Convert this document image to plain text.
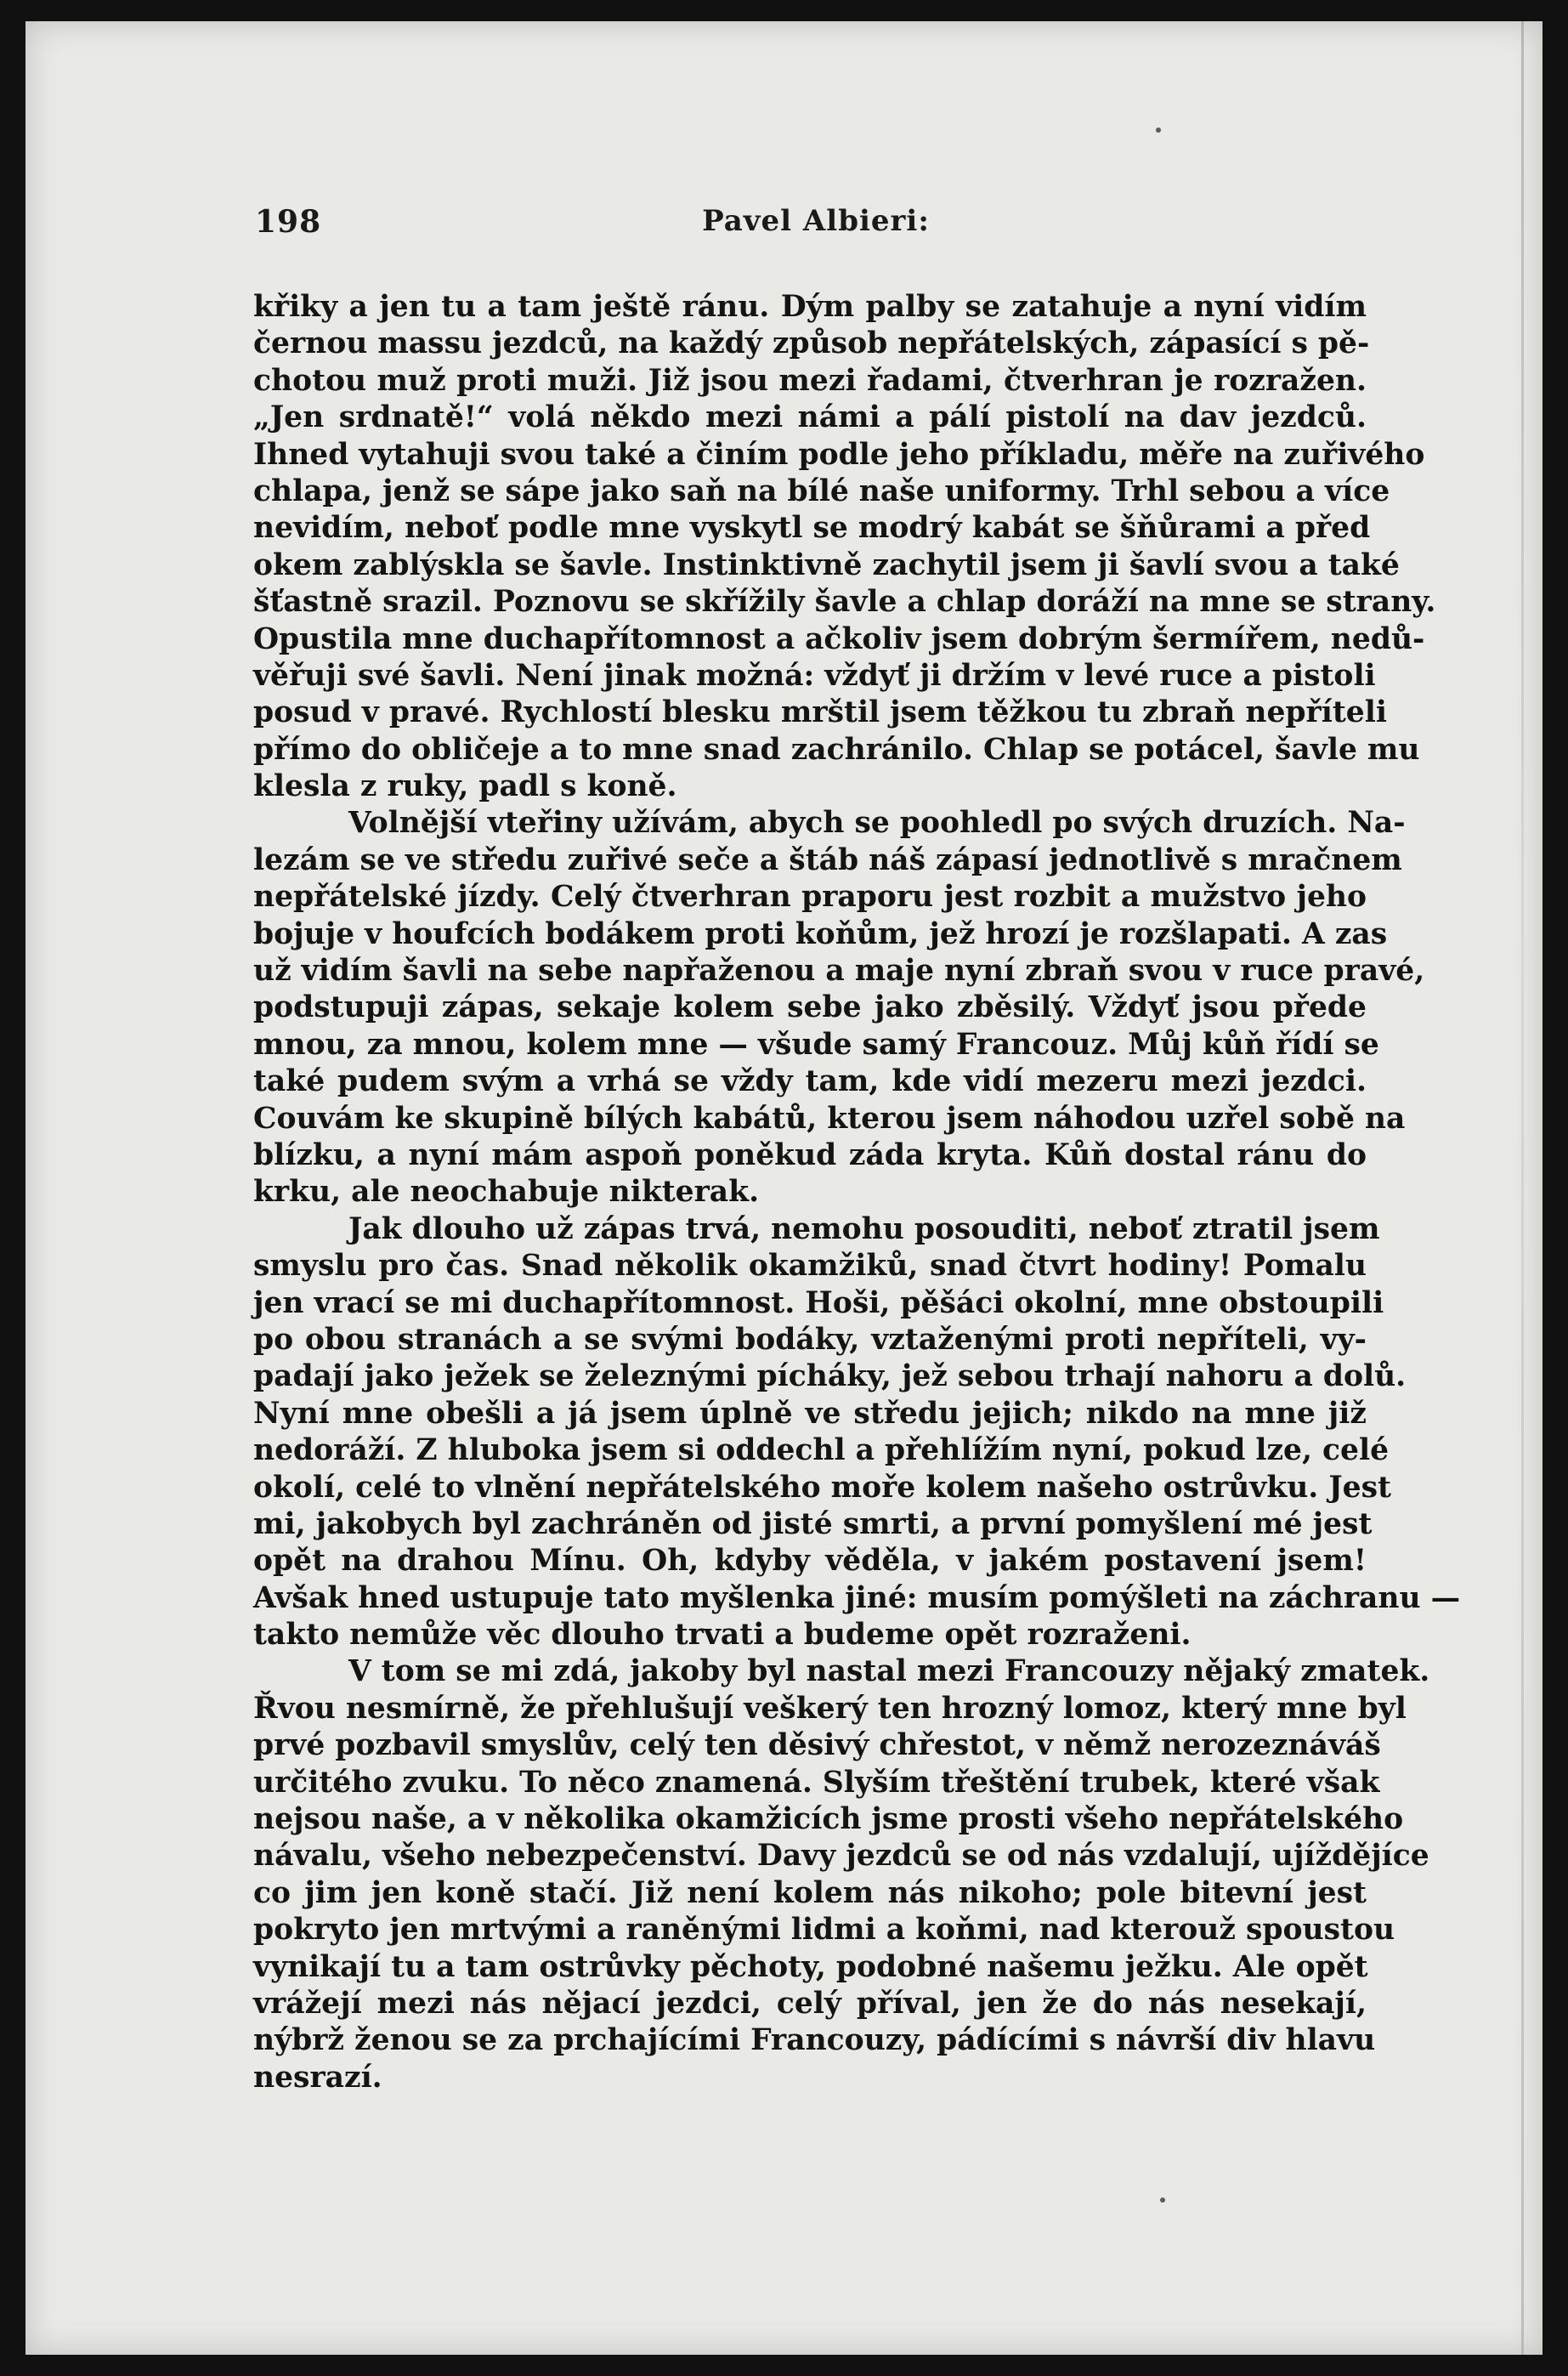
198	Pavel Albieri:
křiky a jen tu a tam ještě ránu. Dým palby se zatahuje a nyní vidím
černou massu jezdců, na každý způsob nepřátelských, zápasící s pě-
chotou muž proti muži. Již jsou mezi řadami, čtverhran je rozražen.
„Jen srdnatě!“ volá někdo mezi námi a pálí pistolí na dav jezdců.
Ihned vytahuji svou také a činím podle jeho příkladu, měře na zuřivého
chlapa, jenž se sápe jako saň na bílé naše uniformy. Trhl sebou a více
nevidím, neboť podle mne vyskytl se modrý kabát se šňůrami a před
okem zablýskla se šavle. Instinktivně zachytil jsem ji šavlí svou a také
šťastně srazil. Poznovu se skřížily šavle a chlap doráží na mne se strany.
Opustila mne duchapřítomnost a ačkoliv jsem dobrým šermířem, nedů-
věřuji své šavli. Není jinak možná: vždyť ji držím v levé ruce a pistoli
posud v pravé. Rychlostí blesku mrštil jsem těžkou tu zbraň nepříteli
přímo do obličeje a to mne snad zachránilo. Chlap se potácel, šavle mu
klesla z ruky, padl s koně.
Volnější vteřiny užívám, abych se poohledl po svých druzích. Na-
lezám se ve středu zuřivé seče a štáb náš zápasí jednotlivě s mračnem
nepřátelské jízdy. Celý čtverhran praporu jest rozbit a mužstvo jeho
bojuje v houfcích bodákem proti koňům, jež hrozí je rozšlapati. A zas
už vidím šavli na sebe napřaženou a maje nyní zbraň svou v ruce pravé,
podstupuji zápas, sekaje kolem sebe jako zběsilý. Vždyť jsou přede
mnou, za mnou, kolem mne — všude samý Francouz. Můj kůň řídí se
také pudem svým a vrhá se vždy tam, kde vidí mezeru mezi jezdci.
Couvám ke skupině bílých kabátů, kterou jsem náhodou uzřel sobě na
blízku, a nyní mám aspoň poněkud záda kryta. Kůň dostal ránu do
krku, ale neochabuje nikterak.
Jak dlouho už zápas trvá, nemohu posouditi, neboť ztratil jsem
smyslu pro čas. Snad několik okamžiků, snad čtvrt hodiny! Pomalu
jen vrací se mi duchapřítomnost. Hoši, pěšáci okolní, mne obstoupili
po obou stranách a se svými bodáky, vztaženými proti nepříteli, vy-
padají jako ježek se železnými pícháky, jež sebou trhají nahoru a dolů.
Nyní mne obešli a já jsem úplně ve středu jejich; nikdo na mne již
nedoráží. Z hluboka jsem si oddechl a přehlížím nyní, pokud lze, celé
okolí, celé to vlnění nepřátelského moře kolem našeho ostrůvku. Jest
mi, jakobych byl zachráněn od jisté smrti, a první pomyšlení mé jest
opět na drahou Mínu. Oh, kdyby věděla, v jakém postavení jsem!
Avšak hned ustupuje tato myšlenka jiné: musím pomýšleti na záchranu —
takto nemůže věc dlouho trvati a budeme opět rozraženi.
V tom se mi zdá, jakoby byl nastal mezi Francouzy nějaký zmatek.
Řvou nesmírně, že přehlušují veškerý ten hrozný lomoz, který mne byl
prvé pozbavil smyslův, celý ten děsivý chřestot, v němž nerozeznáváš
určitého zvuku. To něco znamená. Slyším třeštění trubek, které však
nejsou naše, a v několika okamžicích jsme prosti všeho nepřátelského
návalu, všeho nebezpečenství. Davy jezdců se od nás vzdalují, ujíždějíce
co jim jen koně stačí. Již není kolem nás nikoho; pole bitevní jest
pokryto jen mrtvými a raněnými lidmi a koňmi, nad kterouž spoustou
vynikají tu a tam ostrůvky pěchoty, podobné našemu ježku. Ale opět
vrážejí mezi nás nějací jezdci, celý příval, jen že do nás nesekají,
nýbrž ženou se za prchajícími Francouzy, pádícími s návrší div hlavu
nesrazí.
